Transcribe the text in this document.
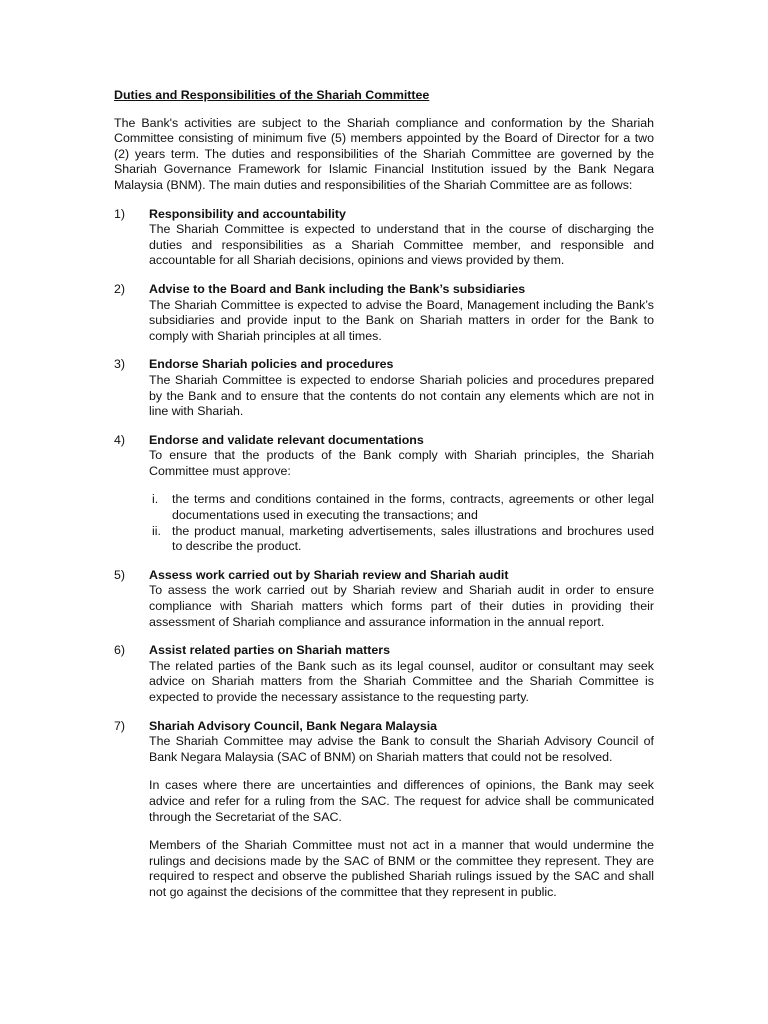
Duties and Responsibilities of the Shariah Committee

The Bank's activities are subject to the Shariah compliance and conformation by the Shariah Committee consisting of minimum five (5) members appointed by the Board of Director for a two (2) years term. The duties and responsibilities of the Shariah Committee are governed by the Shariah Governance Framework for Islamic Financial Institution issued by the Bank Negara Malaysia (BNM). The main duties and responsibilities of the Shariah Committee are as follows:

1) Responsibility and accountability

The Shariah Committee is expected to understand that in the course of discharging the duties and responsibilities as a Shariah Committee member, and responsible and accountable for all Shariah decisions, opinions and views provided by them.

2) Advise to the Board and Bank including the Bank’s subsidiaries

The Shariah Committee is expected to advise the Board, Management including the Bank’s subsidiaries and provide input to the Bank on Shariah matters in order for the Bank to comply with Shariah principles at all times.

3) Endorse Shariah policies and procedures

The Shariah Committee is expected to endorse Shariah policies and procedures prepared by the Bank and to ensure that the contents do not contain any elements which are not in line with Shariah.

4) Endorse and validate relevant documentations

To ensure that the products of the Bank comply with Shariah principles, the Shariah Committee must approve:

i. the terms and conditions contained in the forms, contracts, agreements or other legal documentations used in executing the transactions; and
ii. the product manual, marketing advertisements, sales illustrations and brochures used to describe the product.
5) Assess work carried out by Shariah review and Shariah audit

To assess the work carried out by Shariah review and Shariah audit in order to ensure compliance with Shariah matters which forms part of their duties in providing their assessment of Shariah compliance and assurance information in the annual report.

6) Assist related parties on Shariah matters

The related parties of the Bank such as its legal counsel, auditor or consultant may seek advice on Shariah matters from the Shariah Committee and the Shariah Committee is expected to provide the necessary assistance to the requesting party.

7) Shariah Advisory Council, Bank Negara Malaysia

The Shariah Committee may advise the Bank to consult the Shariah Advisory Council of Bank Negara Malaysia (SAC of BNM) on Shariah matters that could not be resolved.

In cases where there are uncertainties and differences of opinions, the Bank may seek advice and refer for a ruling from the SAC. The request for advice shall be communicated through the Secretariat of the SAC.

Members of the Shariah Committee must not act in a manner that would undermine the rulings and decisions made by the SAC of BNM or the committee they represent. They are required to respect and observe the published Shariah rulings issued by the SAC and shall not go against the decisions of the committee that they represent in public.
